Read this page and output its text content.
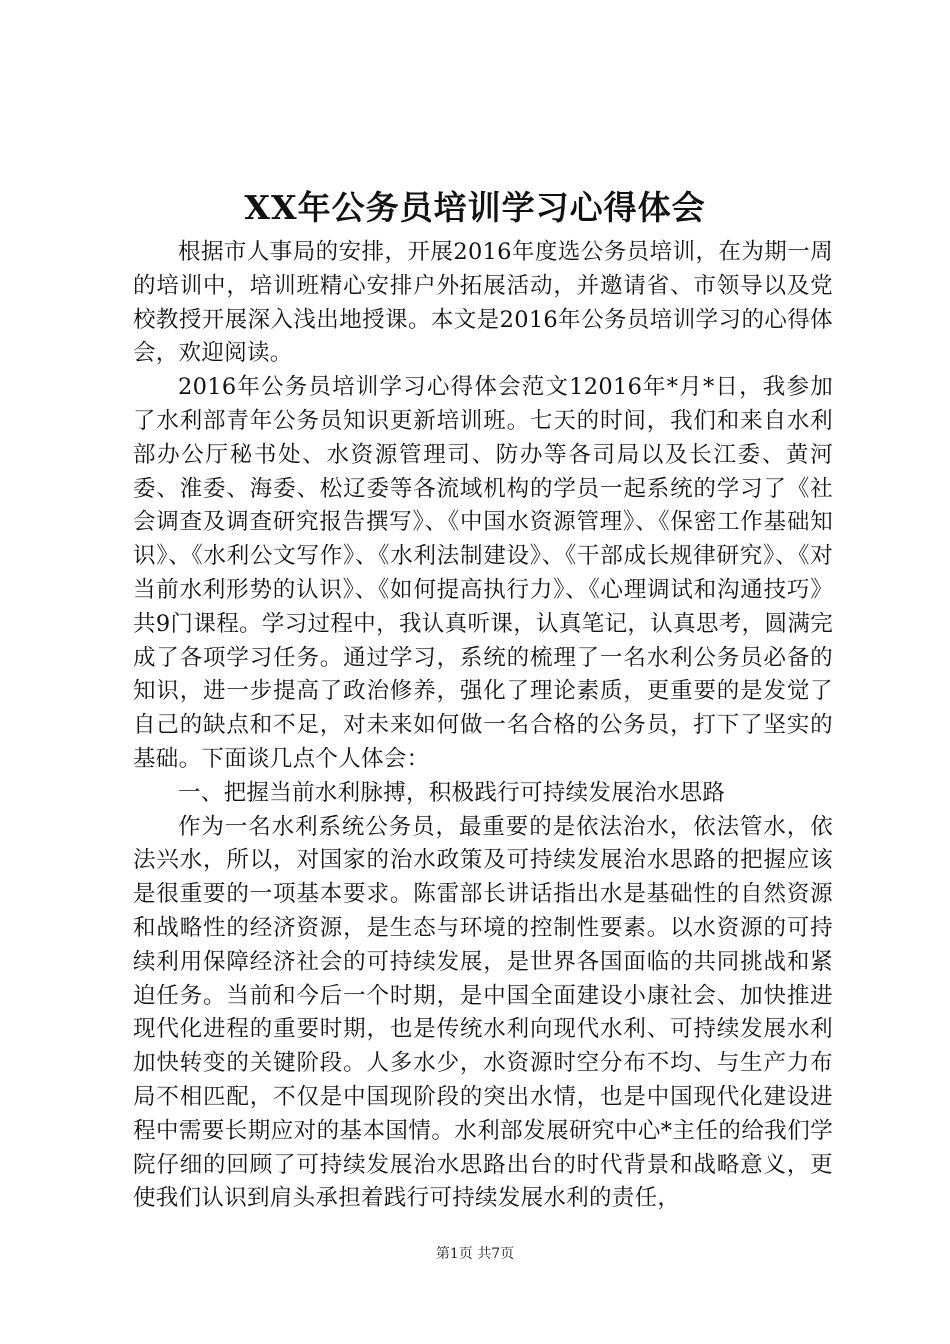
XX年公务员培训学习心得体会

根据市人事局的安排，开展2016年度选公务员培训，在为期一周的培训中，培训班精心安排户外拓展活动，并邀请省、市领导以及党校教授开展深入浅出地授课。本文是2016年公务员培训学习的心得体会，欢迎阅读。

2016年公务员培训学习心得体会范文12016年*月*日，我参加了水利部青年公务员知识更新培训班。七天的时间，我们和来自水利部办公厅秘书处、水资源管理司、防办等各司局以及长江委、黄河委、淮委、海委、松辽委等各流域机构的学员一起系统的学习了《社会调查及调查研究报告撰写》、《中国水资源管理》、《保密工作基础知识》、《水利公文写作》、《水利法制建设》、《干部成长规律研究》、《对当前水利形势的认识》、《如何提高执行力》、《心理调试和沟通技巧》共9门课程。学习过程中，我认真听课，认真笔记，认真思考，圆满完成了各项学习任务。通过学习，系统的梳理了一名水利公务员必备的知识，进一步提高了政治修养，强化了理论素质，更重要的是发觉了自己的缺点和不足，对未来如何做一名合格的公务员，打下了坚实的基础。下面谈几点个人体会：

一、把握当前水利脉搏，积极践行可持续发展治水思路

作为一名水利系统公务员，最重要的是依法治水，依法管水，依法兴水，所以，对国家的治水政策及可持续发展治水思路的把握应该是很重要的一项基本要求。陈雷部长讲话指出水是基础性的自然资源和战略性的经济资源，是生态与环境的控制性要素。以水资源的可持续利用保障经济社会的可持续发展，是世界各国面临的共同挑战和紧迫任务。当前和今后一个时期，是中国全面建设小康社会、加快推进现代化进程的重要时期，也是传统水利向现代水利、可持续发展水利加快转变的关键阶段。人多水少，水资源时空分布不均、与生产力布局不相匹配，不仅是中国现阶段的突出水情，也是中国现代化建设进程中需要长期应对的基本国情。水利部发展研究中心*主任的给我们学院仔细的回顾了可持续发展治水思路出台的时代背景和战略意义，更使我们认识到肩头承担着践行可持续发展水利的责任，

第1页 共7页
